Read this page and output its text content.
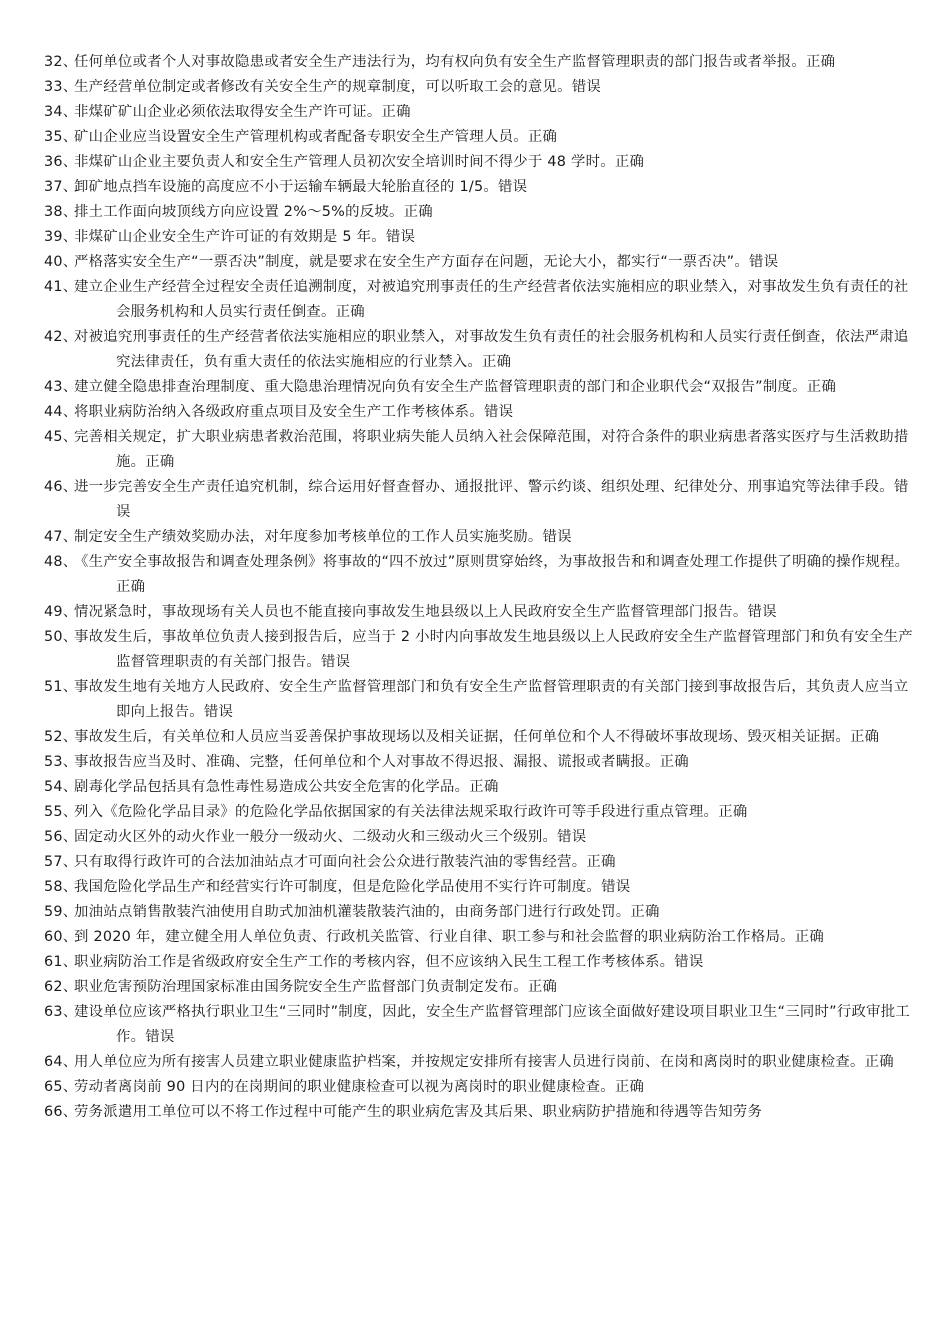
32、
任何单位或者个人对事故隐患或者安全生产违法行为，均有权向负有安全生产监督管理职责的部门报告或者举报。正确
33、
生产经营单位制定或者修改有关安全生产的规章制度，可以听取工会的意见。错误
34、
非煤矿矿山企业必须依法取得安全生产许可证。正确
35、
矿山企业应当设置安全生产管理机构或者配备专职安全生产管理人员。正确
36、
非煤矿山企业主要负责人和安全生产管理人员初次安全培训时间不得少于 48 学时。正确
37、
卸矿地点挡车设施的高度应不小于运输车辆最大轮胎直径的 1/5。错误
38、
排土工作面向坡顶线方向应设置 2%～5%的反坡。正确
39、
非煤矿山企业安全生产许可证的有效期是 5 年。错误
40、
严格落实安全生产“一票否决”制度，就是要求在安全生产方面存在问题，无论大小，都实行“一票否决”。错误
41、
建立企业生产经营全过程安全责任追溯制度，对被追究刑事责任的生产经营者依法实施相应的职业禁入，对事故发生负有责任的社会服务机构和人员实行责任倒查。正确
42、
对被追究刑事责任的生产经营者依法实施相应的职业禁入，对事故发生负有责任的社会服务机构和人员实行责任倒查，依法严肃追究法律责任，负有重大责任的依法实施相应的行业禁入。正确
43、
建立健全隐患排查治理制度、重大隐患治理情况向负有安全生产监督管理职责的部门和企业职代会“双报告”制度。正确
44、
将职业病防治纳入各级政府重点项目及安全生产工作考核体系。错误
45、
完善相关规定，扩大职业病患者救治范围，将职业病失能人员纳入社会保障范围，对符合条件的职业病患者落实医疗与生活救助措施。正确
46、
进一步完善安全生产责任追究机制，综合运用好督查督办、通报批评、警示约谈、组织处理、纪律处分、刑事追究等法律手段。错误
47、
制定安全生产绩效奖励办法，对年度参加考核单位的工作人员实施奖励。错误
48、
《生产安全事故报告和调查处理条例》将事故的“四不放过”原则贯穿始终，为事故报告和和调查处理工作提供了明确的操作规程。正确
49、
情况紧急时，事故现场有关人员也不能直接向事故发生地县级以上人民政府安全生产监督管理部门报告。错误
50、
事故发生后，事故单位负责人接到报告后，应当于 2 小时内向事故发生地县级以上人民政府安全生产监督管理部门和负有安全生产监督管理职责的有关部门报告。错误
51、
事故发生地有关地方人民政府、安全生产监督管理部门和负有安全生产监督管理职责的有关部门接到事故报告后，其负责人应当立即向上报告。错误
52、
事故发生后，有关单位和人员应当妥善保护事故现场以及相关证据，任何单位和个人不得破坏事故现场、毁灭相关证据。正确
53、
事故报告应当及时、准确、完整，任何单位和个人对事故不得迟报、漏报、谎报或者瞒报。正确
54、
剧毒化学品包括具有急性毒性易造成公共安全危害的化学品。正确
55、
列入《危险化学品目录》的危险化学品依据国家的有关法律法规采取行政许可等手段进行重点管理。正确
56、
固定动火区外的动火作业一般分一级动火、二级动火和三级动火三个级别。错误
57、
只有取得行政许可的合法加油站点才可面向社会公众进行散装汽油的零售经营。正确
58、
我国危险化学品生产和经营实行许可制度，但是危险化学品使用不实行许可制度。错误
59、
加油站点销售散装汽油使用自助式加油机灌装散装汽油的，由商务部门进行行政处罚。正确
60、
到 2020 年，建立健全用人单位负责、行政机关监管、行业自律、职工参与和社会监督的职业病防治工作格局。正确
61、
职业病防治工作是省级政府安全生产工作的考核内容，但不应该纳入民生工程工作考核体系。错误
62、
职业危害预防治理国家标准由国务院安全生产监督部门负责制定发布。正确
63、
建设单位应该严格执行职业卫生“三同时”制度，因此，安全生产监督管理部门应该全面做好建设项目职业卫生“三同时”行政审批工作。错误
64、
用人单位应为所有接害人员建立职业健康监护档案，并按规定安排所有接害人员进行岗前、在岗和离岗时的职业健康检查。正确
65、
劳动者离岗前 90 日内的在岗期间的职业健康检查可以视为离岗时的职业健康检查。正确
66、
劳务派遣用工单位可以不将工作过程中可能产生的职业病危害及其后果、职业病防护措施和待遇等告知劳务
